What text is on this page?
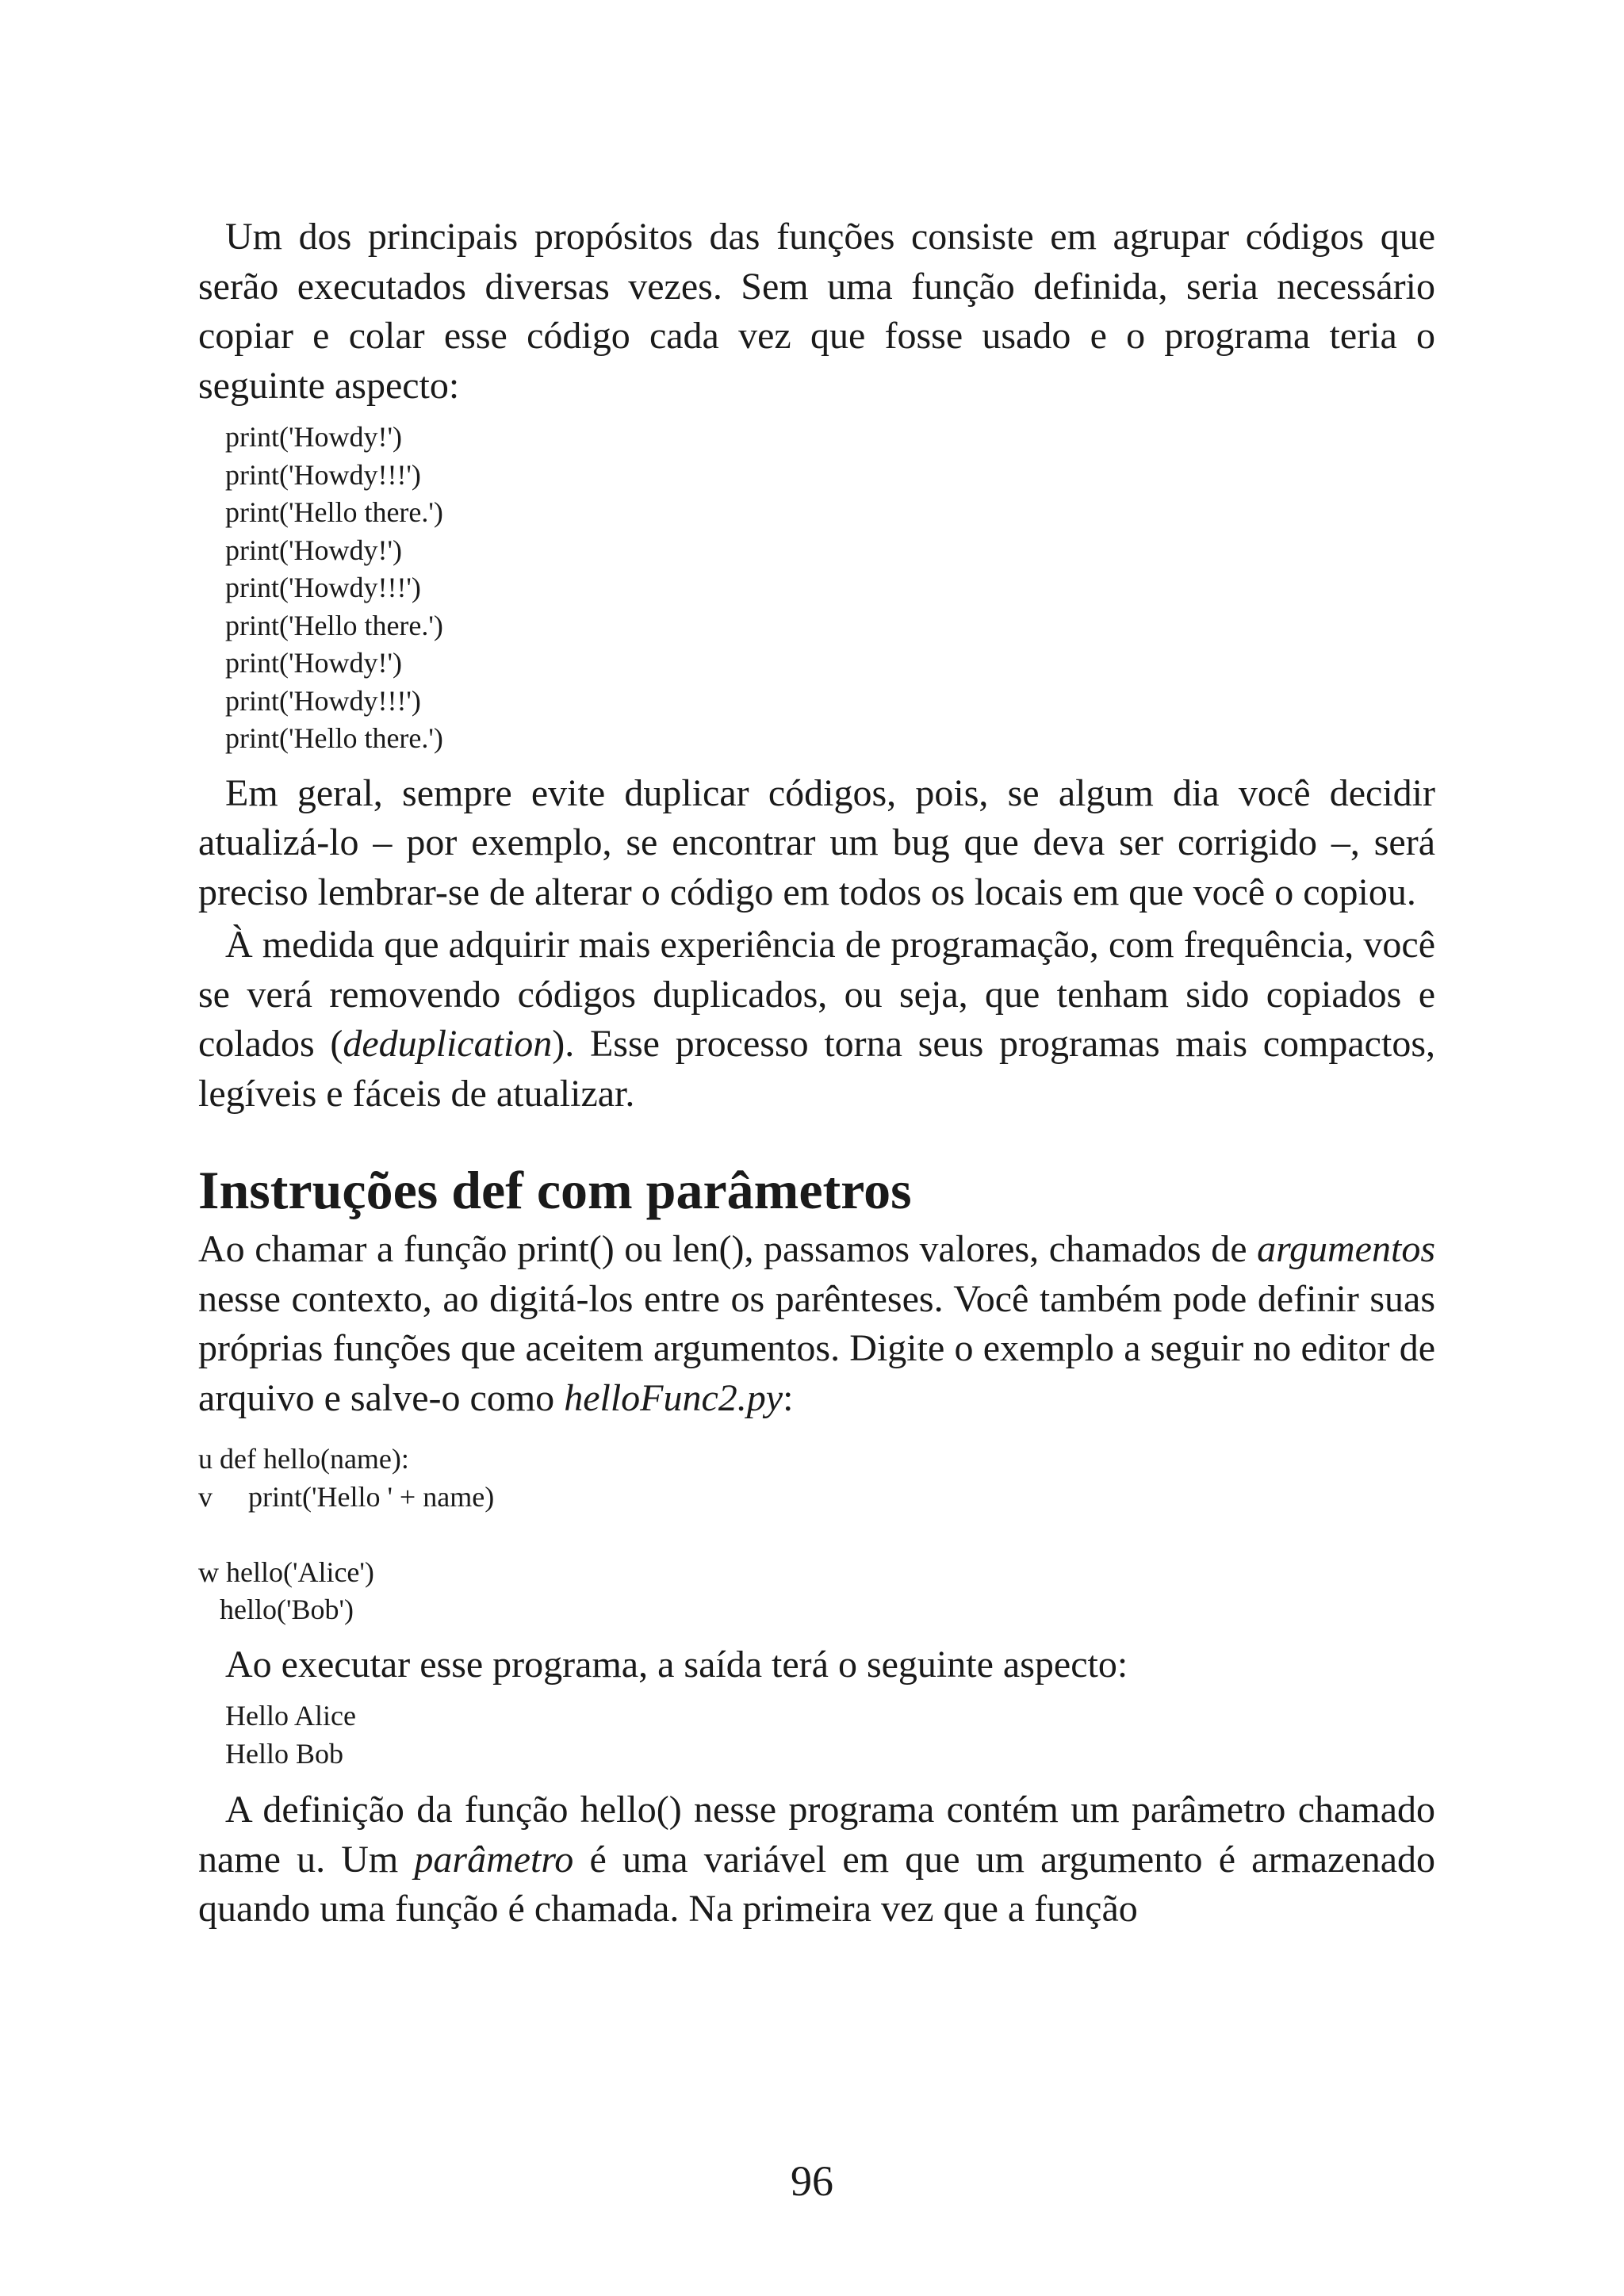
Um dos principais propósitos das funções consiste em agrupar códigos que serão executados diversas vezes. Sem uma função definida, seria necessário copiar e colar esse código cada vez que fosse usado e o programa teria o seguinte aspecto:

print('Howdy!')
print('Howdy!!!')
print('Hello there.')
print('Howdy!')
print('Howdy!!!')
print('Hello there.')
print('Howdy!')
print('Howdy!!!')
print('Hello there.')

Em geral, sempre evite duplicar códigos, pois, se algum dia você decidir atualizá-lo – por exemplo, se encontrar um bug que deva ser corrigido –, será preciso lembrar-se de alterar o código em todos os locais em que você o copiou.

À medida que adquirir mais experiência de programação, com frequência, você se verá removendo códigos duplicados, ou seja, que tenham sido copiados e colados (deduplication). Esse processo torna seus programas mais compactos, legíveis e fáceis de atualizar.

Instruções def com parâmetros

Ao chamar a função print() ou len(), passamos valores, chamados de argumentos nesse contexto, ao digitá-los entre os parênteses. Você também pode definir suas próprias funções que aceitem argumentos. Digite o exemplo a seguir no editor de arquivo e salve-o como helloFunc2.py:

u def hello(name):
v     print('Hello ' + name)
w hello('Alice')
hello('Bob')

Ao executar esse programa, a saída terá o seguinte aspecto:

Hello Alice
Hello Bob

A definição da função hello() nesse programa contém um parâmetro chamado name u. Um parâmetro é uma variável em que um argumento é armazenado quando uma função é chamada. Na primeira vez que a função

96
